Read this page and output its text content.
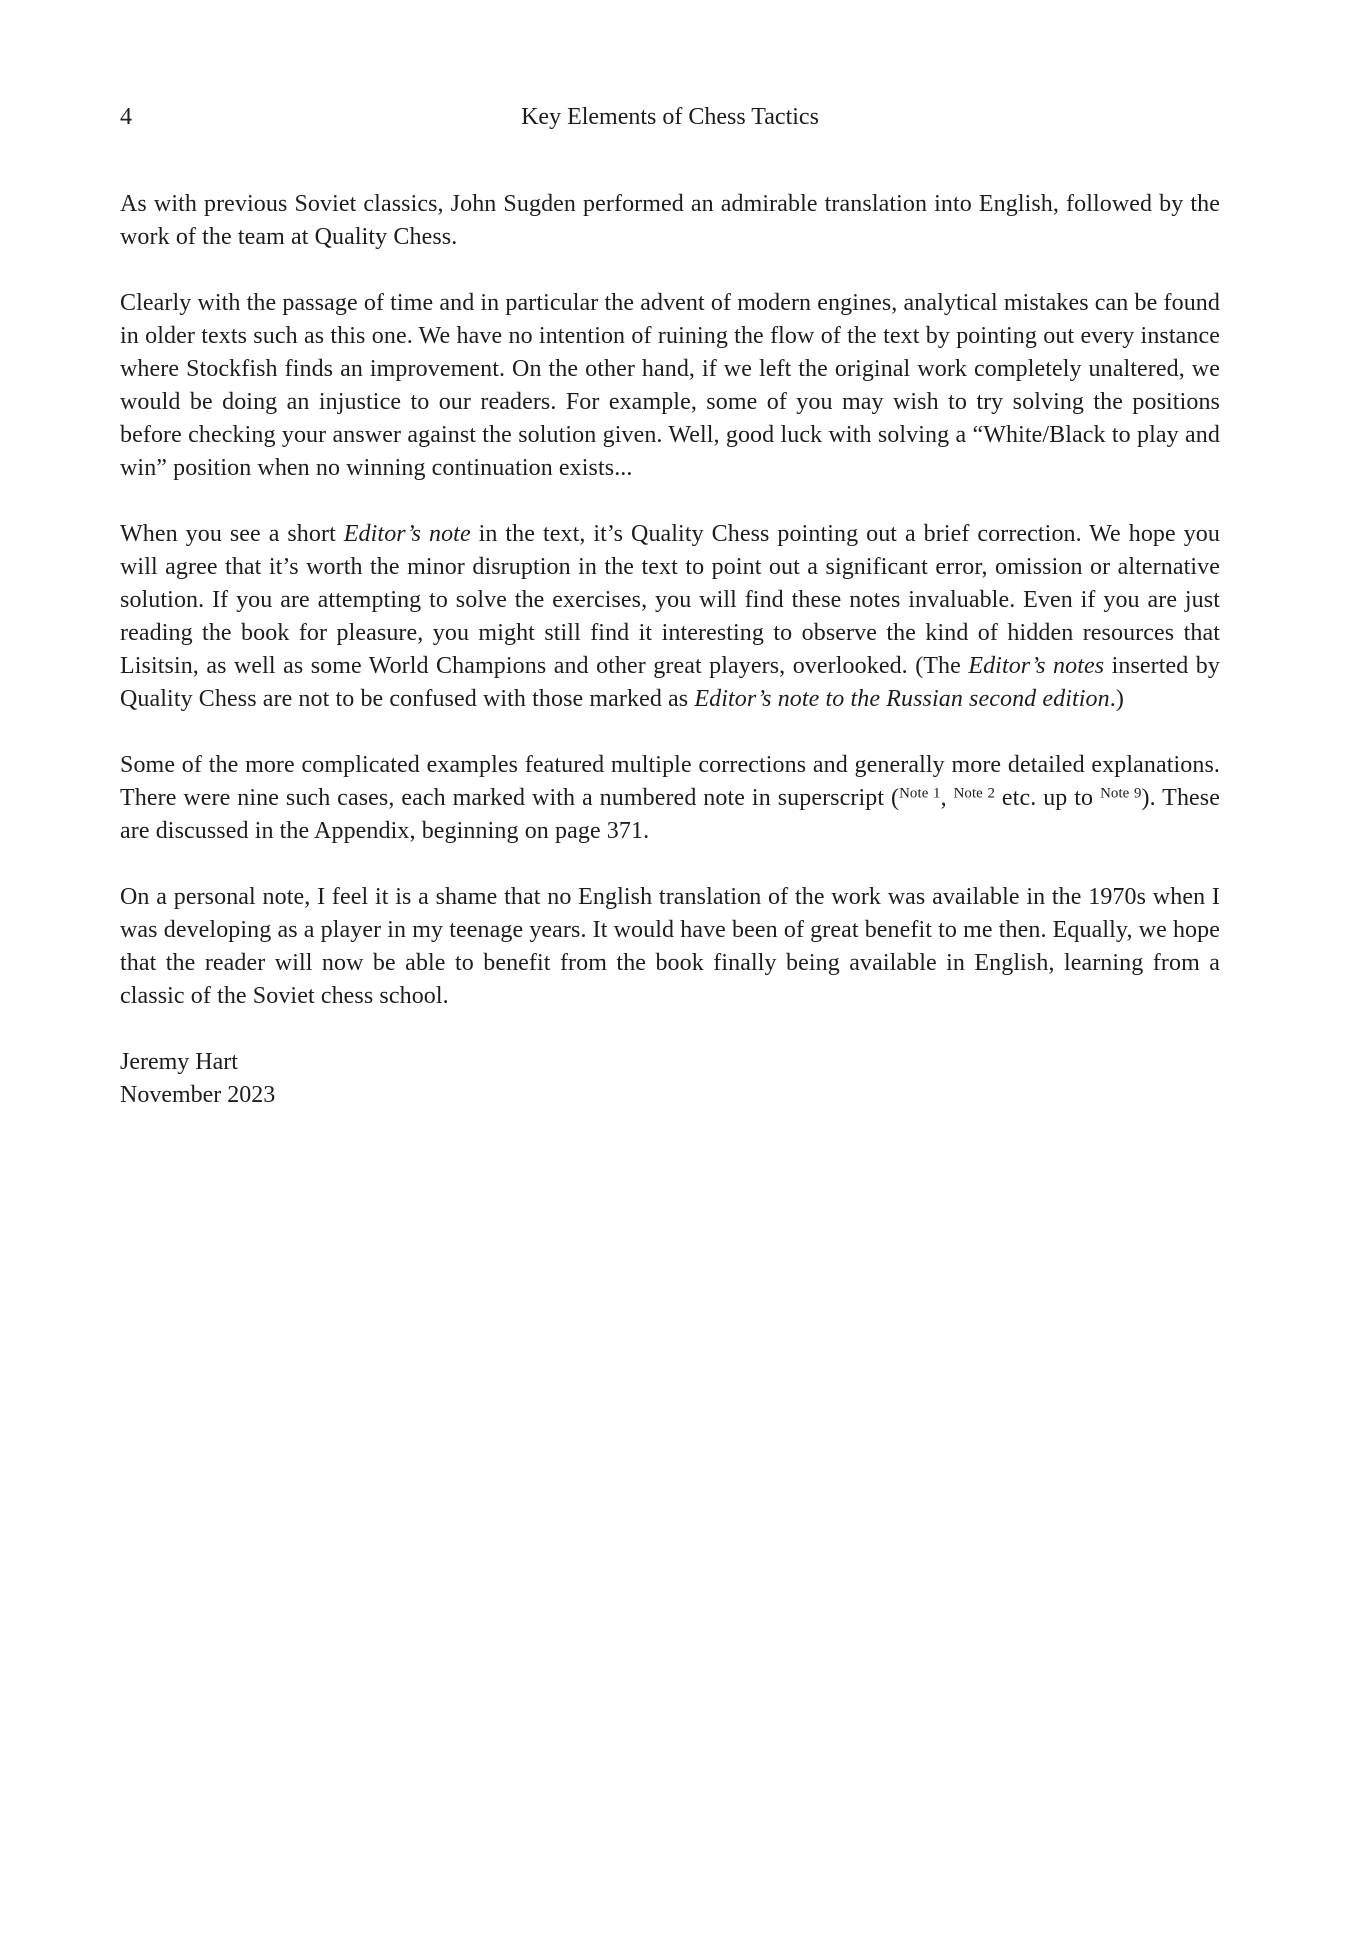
4	Key Elements of Chess Tactics

As with previous Soviet classics, John Sugden performed an admirable translation into English, followed by the work of the team at Quality Chess.

Clearly with the passage of time and in particular the advent of modern engines, analytical mistakes can be found in older texts such as this one. We have no intention of ruining the flow of the text by pointing out every instance where Stockfish finds an improvement. On the other hand, if we left the original work completely unaltered, we would be doing an injustice to our readers. For example, some of you may wish to try solving the positions before checking your answer against the solution given. Well, good luck with solving a “White/Black to play and win” position when no winning continuation exists...

When you see a short Editor’s note in the text, it’s Quality Chess pointing out a brief correction. We hope you will agree that it’s worth the minor disruption in the text to point out a significant error, omission or alternative solution. If you are attempting to solve the exercises, you will find these notes invaluable. Even if you are just reading the book for pleasure, you might still find it interesting to observe the kind of hidden resources that Lisitsin, as well as some World Champions and other great players, overlooked. (The Editor’s notes inserted by Quality Chess are not to be confused with those marked as Editor’s note to the Russian second edition.)

Some of the more complicated examples featured multiple corrections and generally more detailed explanations. There were nine such cases, each marked with a numbered note in superscript ($^{Note 1}$, $^{Note 2}$ etc. up to $^{Note 9}$). These are discussed in the Appendix, beginning on page 371.

On a personal note, I feel it is a shame that no English translation of the work was available in the 1970s when I was developing as a player in my teenage years. It would have been of great benefit to me then. Equally, we hope that the reader will now be able to benefit from the book finally being available in English, learning from a classic of the Soviet chess school.

Jeremy Hart
November 2023
